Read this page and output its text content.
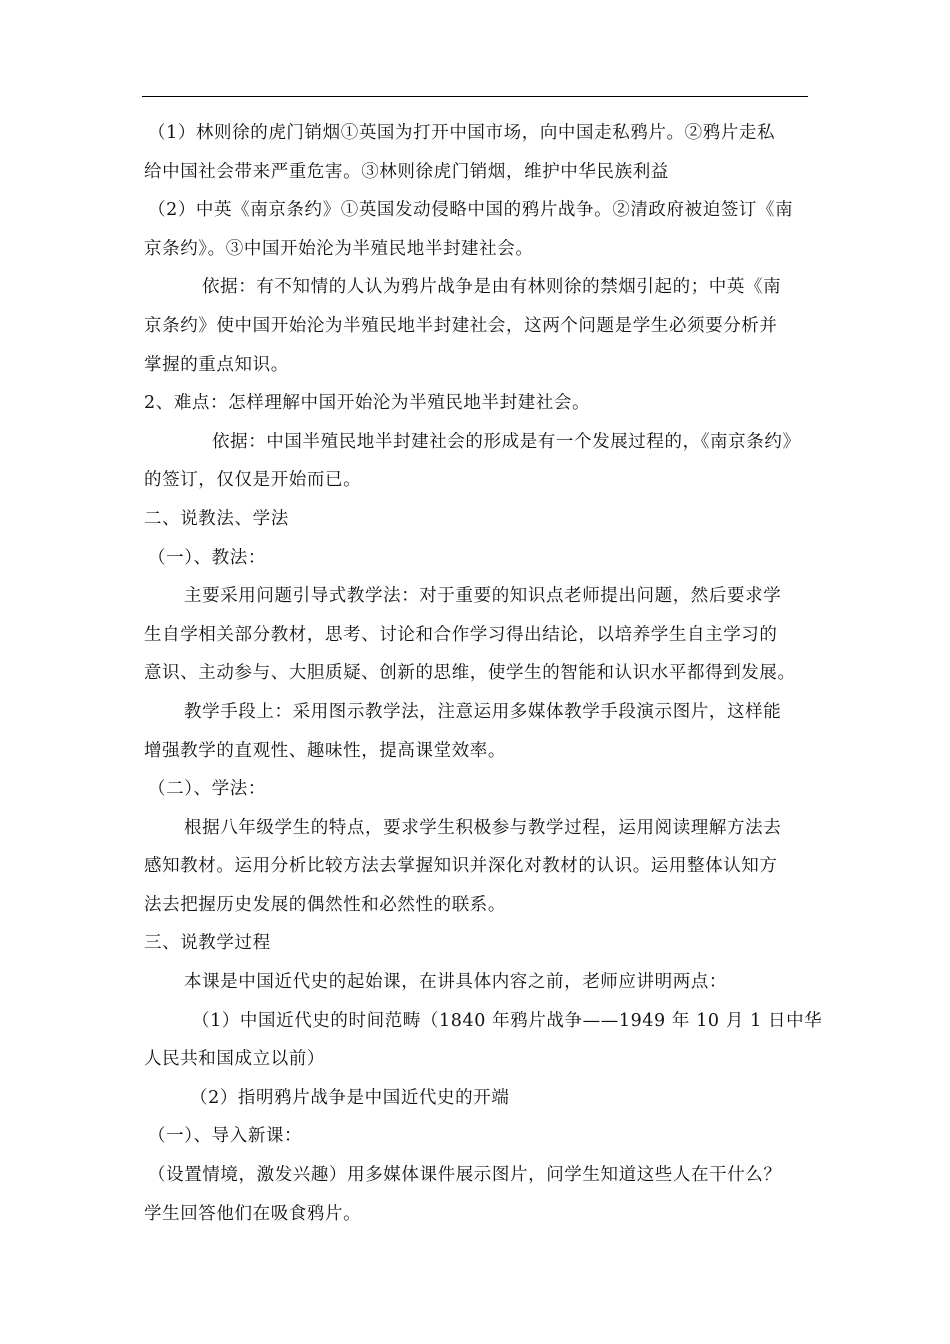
（1）林则徐的虎门销烟①英国为打开中国市场，向中国走私鸦片。②鸦片走私
给中国社会带来严重危害。③林则徐虎门销烟，维护中华民族利益
（2）中英《南京条约》①英国发动侵略中国的鸦片战争。②清政府被迫签订《南
京条约》。③中国开始沦为半殖民地半封建社会。
依据：有不知情的人认为鸦片战争是由有林则徐的禁烟引起的；中英《南
京条约》使中国开始沦为半殖民地半封建社会，这两个问题是学生必须要分析并
掌握的重点知识。
2、难点：怎样理解中国开始沦为半殖民地半封建社会。
依据：中国半殖民地半封建社会的形成是有一个发展过程的，《南京条约》
的签订，仅仅是开始而已。
二、说教法、学法
（一）、教法：
主要采用问题引导式教学法：对于重要的知识点老师提出问题，然后要求学
生自学相关部分教材，思考、讨论和合作学习得出结论，以培养学生自主学习的
意识、主动参与、大胆质疑、创新的思维，使学生的智能和认识水平都得到发展。
教学手段上：采用图示教学法，注意运用多媒体教学手段演示图片，这样能
增强教学的直观性、趣味性，提高课堂效率。
（二）、学法：
根据八年级学生的特点，要求学生积极参与教学过程，运用阅读理解方法去
感知教材。运用分析比较方法去掌握知识并深化对教材的认识。运用整体认知方
法去把握历史发展的偶然性和必然性的联系。
三、说教学过程
本课是中国近代史的起始课，在讲具体内容之前，老师应讲明两点：
（1）中国近代史的时间范畴（1840 年鸦片战争——1949 年 10 月 1 日中华
人民共和国成立以前）
（2）指明鸦片战争是中国近代史的开端
（一）、导入新课：
（设置情境，激发兴趣）用多媒体课件展示图片，问学生知道这些人在干什么？
学生回答他们在吸食鸦片。
